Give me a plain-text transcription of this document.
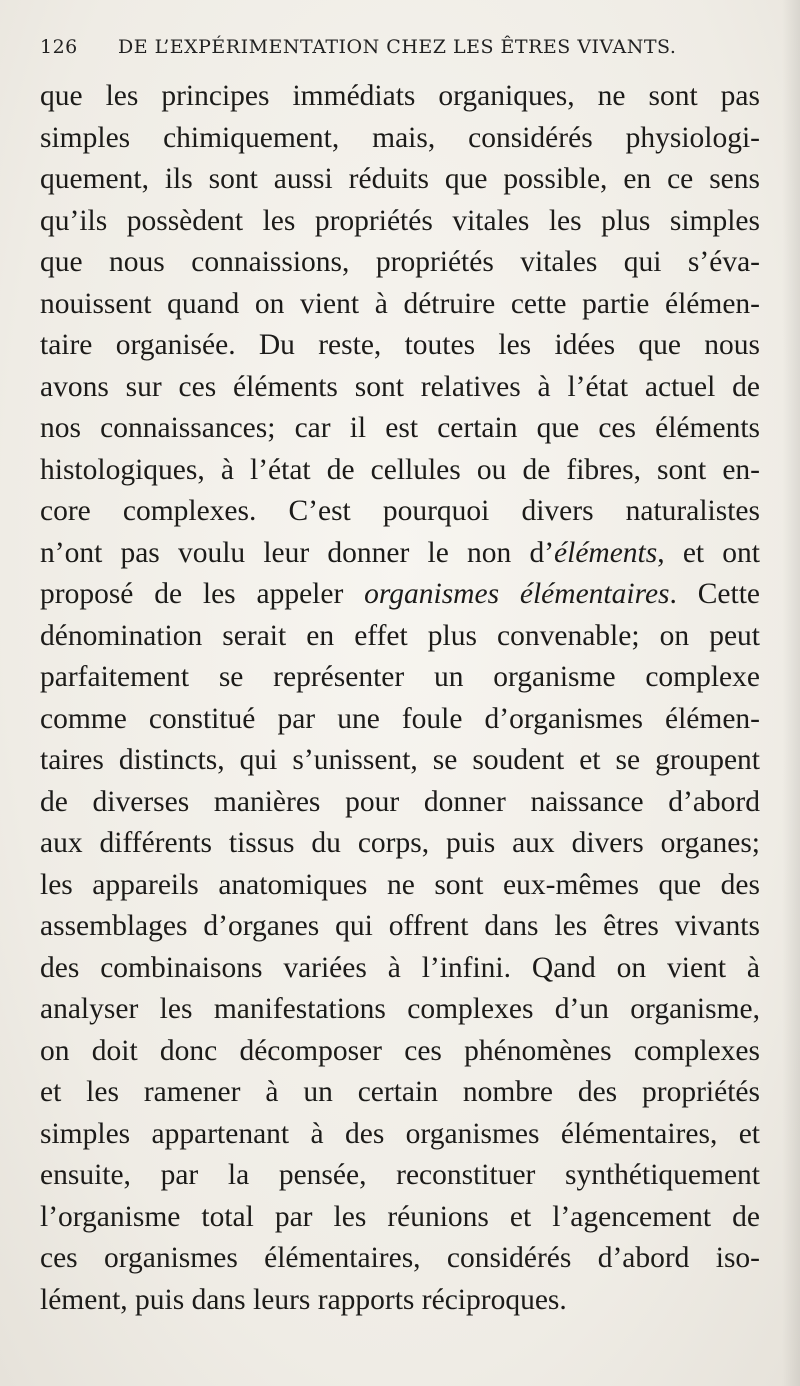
126 DE L’EXPÉRIMENTATION CHEZ LES ÊTRES VIVANTS.
que les principes immédiats organiques, ne sont pas
simples chimiquement, mais, considérés physiologi-
quement, ils sont aussi réduits que possible, en ce sens
qu’ils possèdent les propriétés vitales les plus simples
que nous connaissions, propriétés vitales qui s’éva-
nouissent quand on vient à détruire cette partie élémen-
taire organisée. Du reste, toutes les idées que nous
avons sur ces éléments sont relatives à l’état actuel de
nos connaissances; car il est certain que ces éléments
histologiques, à l’état de cellules ou de fibres, sont en-
core complexes. C’est pourquoi divers naturalistes
n’ont pas voulu leur donner le non d’éléments, et ont
proposé de les appeler organismes élémentaires. Cette
dénomination serait en effet plus convenable; on peut
parfaitement se représenter un organisme complexe
comme constitué par une foule d’organismes élémen-
taires distincts, qui s’unissent, se soudent et se groupent
de diverses manières pour donner naissance d’abord
aux différents tissus du corps, puis aux divers organes;
les appareils anatomiques ne sont eux-mêmes que des
assemblages d’organes qui offrent dans les êtres vivants
des combinaisons variées à l’infini. Qand on vient à
analyser les manifestations complexes d’un organisme,
on doit donc décomposer ces phénomènes complexes
et les ramener à un certain nombre des propriétés
simples appartenant à des organismes élémentaires, et
ensuite, par la pensée, reconstituer synthétiquement
l’organisme total par les réunions et l’agencement de
ces organismes élémentaires, considérés d’abord iso-
lément, puis dans leurs rapports réciproques.
